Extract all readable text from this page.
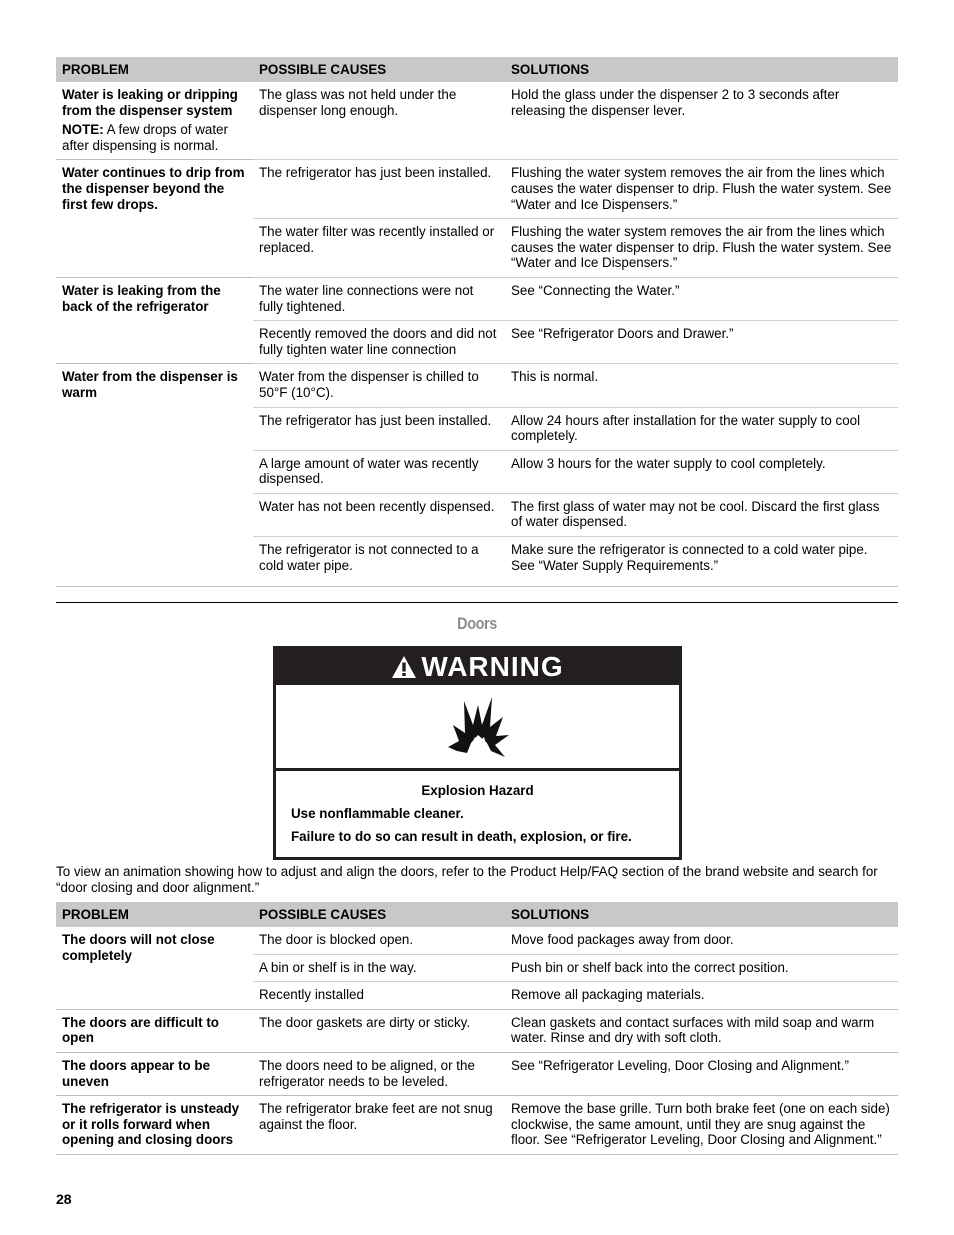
PROBLEM	POSSIBLE CAUSES	SOLUTIONS

Water is leaking or dripping from the dispenser system
NOTE: A few drops of water after dispensing is normal.	The glass was not held under the dispenser long enough.	Hold the glass under the dispenser 2 to 3 seconds after releasing the dispenser lever.
Water continues to drip from the dispenser beyond the first few drops.	The refrigerator has just been installed.	Flushing the water system removes the air from the lines which causes the water dispenser to drip. Flush the water system. See “Water and Ice Dispensers.”
	The water filter was recently installed or replaced.	Flushing the water system removes the air from the lines which causes the water dispenser to drip. Flush the water system. See “Water and Ice Dispensers.”
Water is leaking from the back of the refrigerator	The water line connections were not fully tightened.	See “Connecting the Water.”
	Recently removed the doors and did not fully tighten water line connection	See “Refrigerator Doors and Drawer.”
Water from the dispenser is warm	Water from the dispenser is chilled to 50°F (10°C).	This is normal.
	The refrigerator has just been installed.	Allow 24 hours after installation for the water supply to cool completely.
	A large amount of water was recently dispensed.	Allow 3 hours for the water supply to cool completely.
	Water has not been recently dispensed.	The first glass of water may not be cool. Discard the first glass of water dispensed.
	The refrigerator is not connected to a cold water pipe.	Make sure the refrigerator is connected to a cold water pipe. See “Water Supply Requirements.”
Doors
WARNING
Explosion Hazard
Use nonflammable cleaner.
Failure to do so can result in death, explosion, or fire.
To view an animation showing how to adjust and align the doors, refer to the Product Help/FAQ section of the brand website and search for “door closing and door alignment.”
PROBLEM	POSSIBLE CAUSES	SOLUTIONS
The doors will not close completely	The door is blocked open.	Move food packages away from door.
	A bin or shelf is in the way.	Push bin or shelf back into the correct position.
	Recently installed	Remove all packaging materials.
The doors are difficult to open	The door gaskets are dirty or sticky.	Clean gaskets and contact surfaces with mild soap and warm water. Rinse and dry with soft cloth.
The doors appear to be uneven	The doors need to be aligned, or the refrigerator needs to be leveled.	See “Refrigerator Leveling, Door Closing and Alignment.”
The refrigerator is unsteady or it rolls forward when opening and closing doors	The refrigerator brake feet are not snug against the floor.	Remove the base grille. Turn both brake feet (one on each side) clockwise, the same amount, until they are snug against the floor. See “Refrigerator Leveling, Door Closing and Alignment.”
28
